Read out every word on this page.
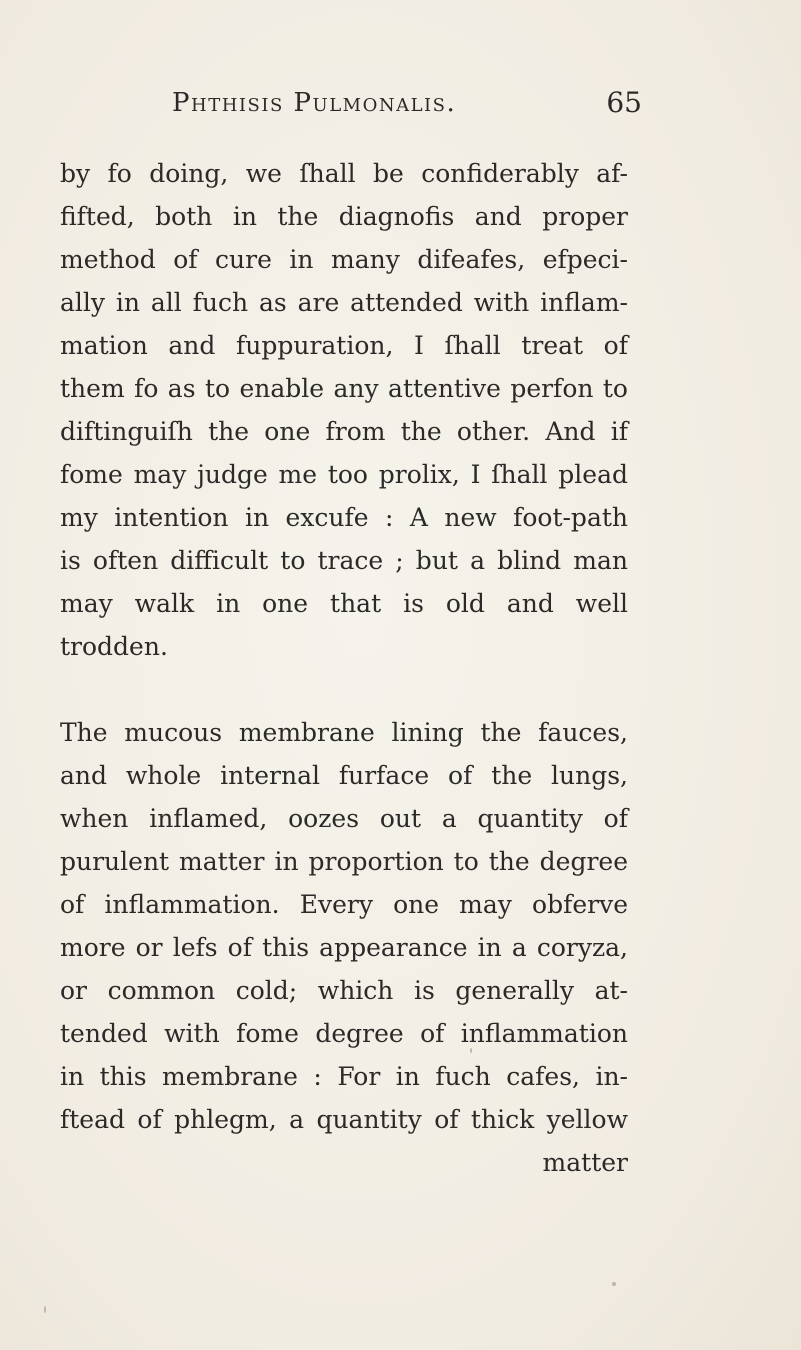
Phthisis Pulmonalis.	65
by fo doing, we ſhall be confiderably af-
fifted, both in the diagnofis and proper
method of cure in many difeafes, efpeci-
ally in all fuch as are attended with inflam-
mation and fuppuration, I ſhall treat of
them fo as to enable any attentive perfon to
diftinguiſh the one from the other. And if
fome may judge me too prolix, I ſhall plead
my intention in excufe : A new foot-path
is often difficult to trace ; but a blind man
may walk in one that is old and well
trodden.
The mucous membrane lining the fauces,
and whole internal furface of the lungs,
when inflamed, oozes out a quantity of
purulent matter in proportion to the degree
of inflammation. Every one may obferve
more or lefs of this appearance in a coryza,
or common cold; which is generally at-
tended with fome degree of inflammation
in this membrane : For in fuch cafes, in-
ftead of phlegm, a quantity of thick yellow
matter
